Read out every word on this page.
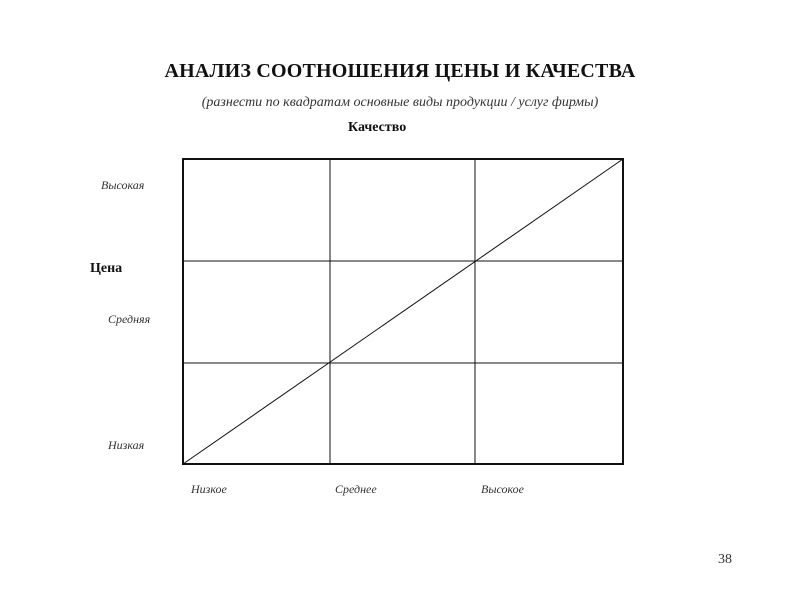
АНАЛИЗ СООТНОШЕНИЯ ЦЕНЫ И КАЧЕСТВА
(разнести по квадратам основные виды продукции / услуг фирмы)
Качество
Цена
Высокая
Средняя
Низкая
Низкое	Среднее	Высокое
38
